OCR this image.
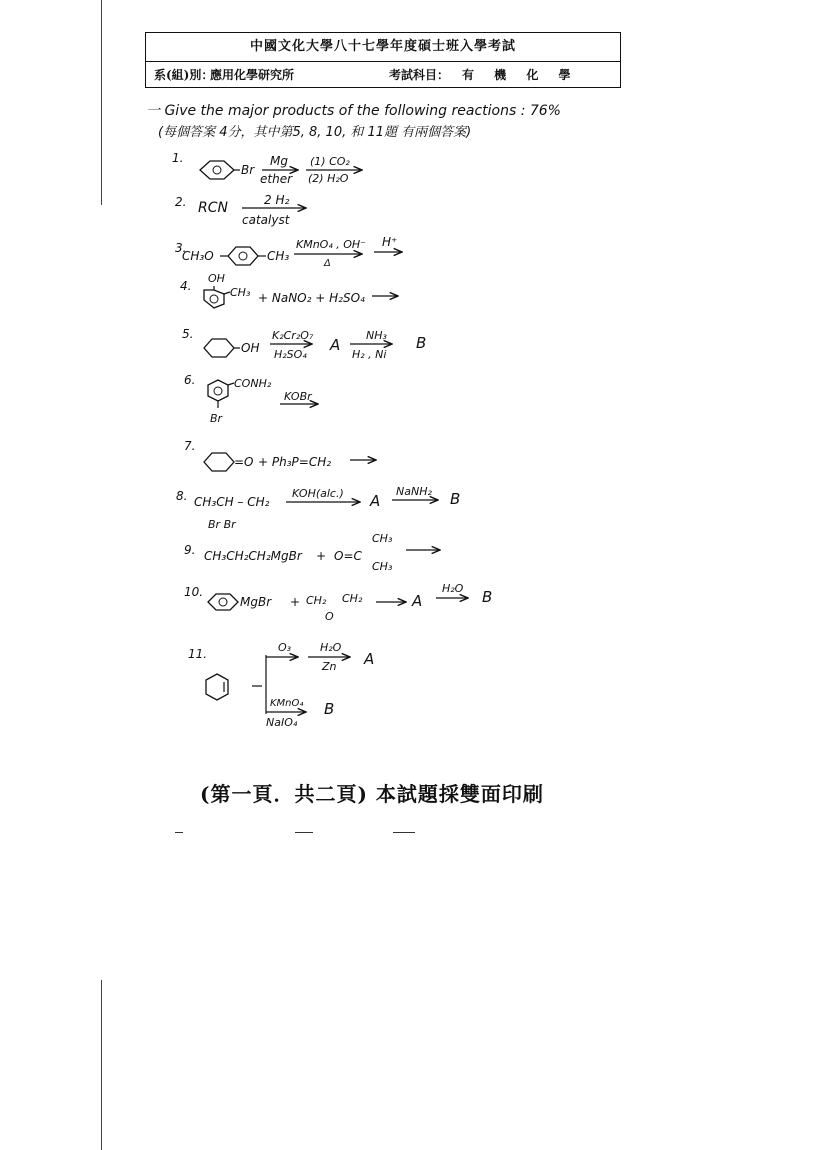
中國文化大學八十七學年度碩士班入學考試
系(組)別：
應用化學研究所	考試科目： 有 機 化 學
一 Give the major products of the following reactions : 76%
(每個答案 4分，其中第5, 8, 10, 和 11題 有兩個答案)
1.
Br
Mg
ether
(1) CO₂
(2) H₂O
2. RCN	2 H₂
catalyst
3.
CH₃O	CH₃
KMnO₄ , OH⁻
Δ
H⁺
4.
OH
CH₃ + NaNO₂ + H₂SO₄
5.
OH
K₂Cr₂O₇
H₂SO₄
A
NH₃
H₂ , Ni
B
6.	CONH₂
Br
KOBr
7.
=O + Ph₃P=CH₂
8. CH₃CH – CH₂
Br Br
KOH(alc.) A
NaNH₂ B
9. CH₃CH₂CH₂MgBr + O=C
CH₃
CH₃
10.
MgBr + CH₂ CH₂
O
A
H₂O B
11.	O₃	H₂O
Zn A
KMnO₄
NaIO₄
B
(第一頁．共二頁) 本試題採雙面印刷
